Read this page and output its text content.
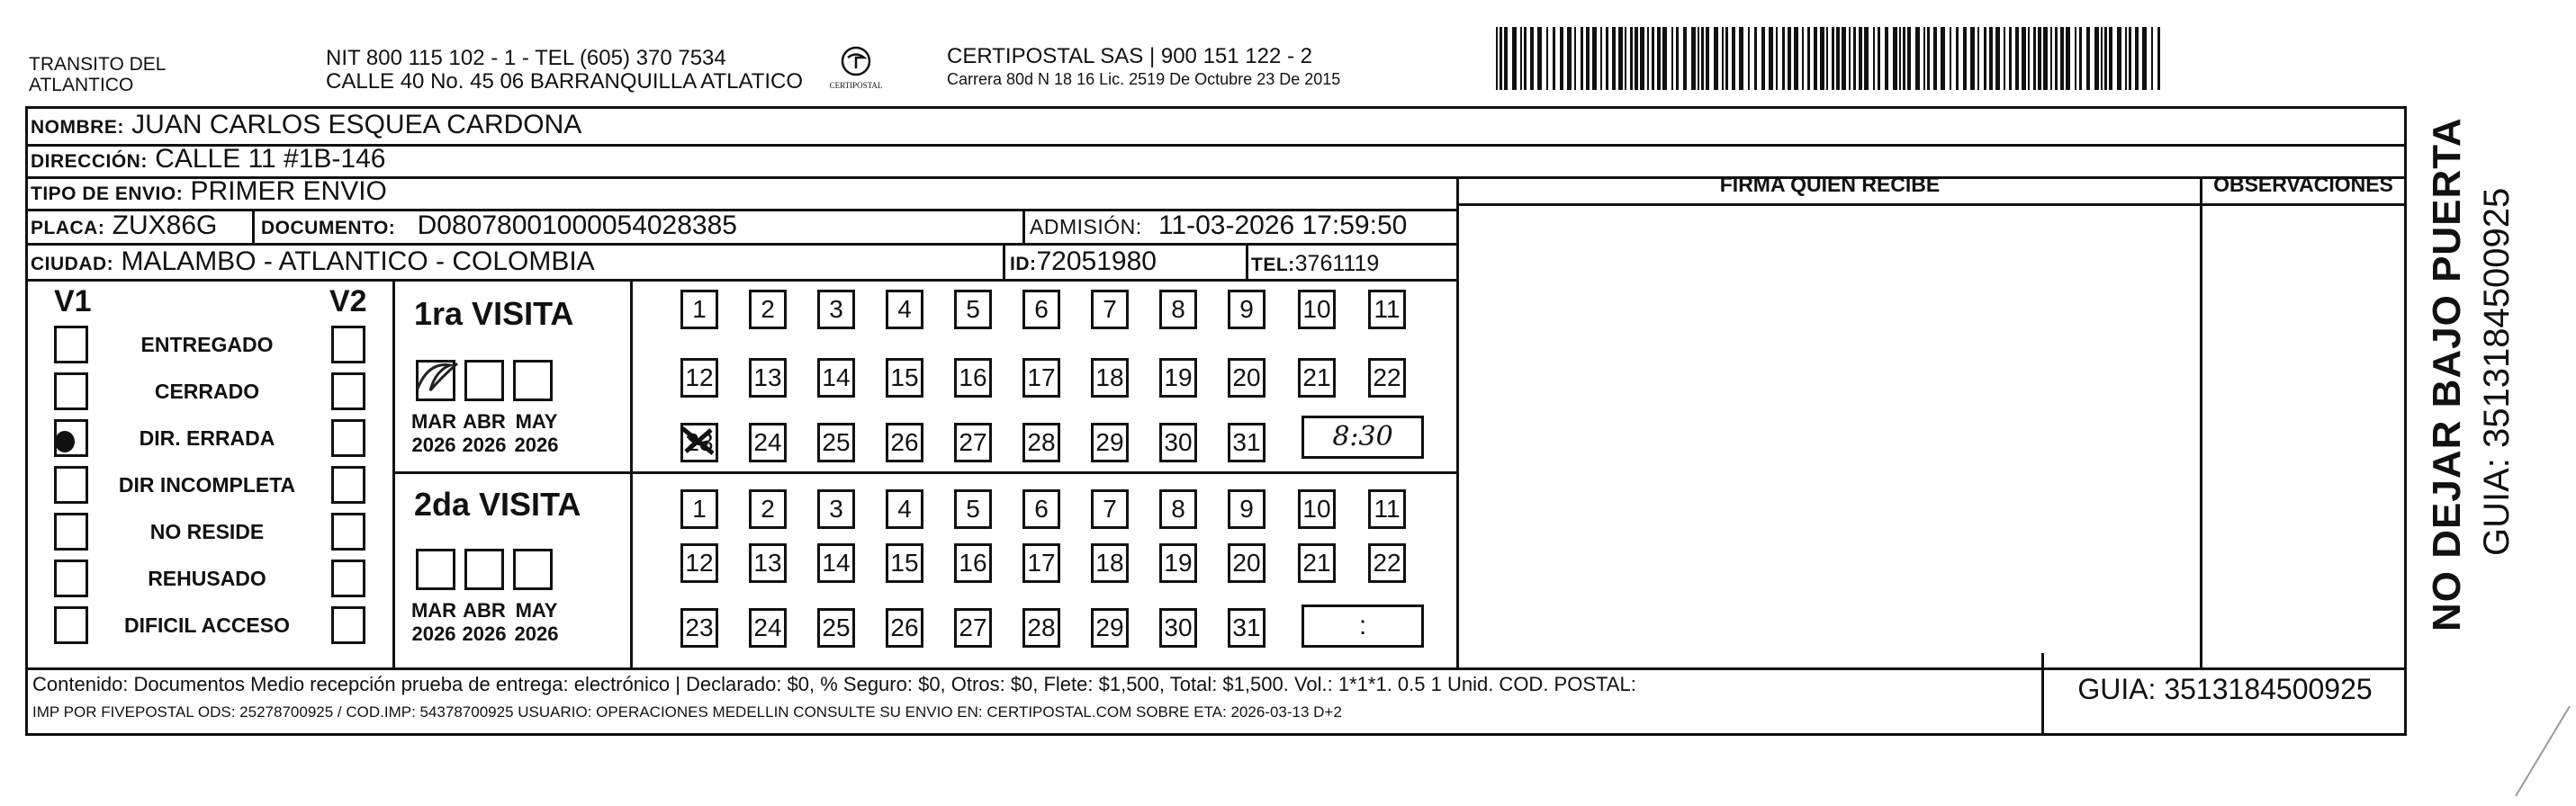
TRANSITO DEL
ATLANTICO
NIT 800 115 102 - 1 - TEL (605) 370 7534
CALLE 40 No. 45 06 BARRANQUILLA ATLATICO	CERTIPOSTAL
CERTIPOSTAL SAS | 900 151 122 - 2
Carrera 80d N 18 16 Lic. 2519 De Octubre 23 De 2015
NOMBRE: JUAN CARLOS ESQUEA CARDONA
DIRECCIÓN: CALLE 11 #1B-146
TIPO DE ENVIO: PRIMER ENVIO
PLACA: ZUX86G DOCUMENTO: D08078001000054028385	ADMISIÓN: 11-03-2026 17:59:50
CIUDAD: MALAMBO - ATLANTICO - COLOMBIA	ID:72051980	TEL:3761119
FIRMA QUIEN RECIBE	OBSERVACIONES
V1	V2
ENTREGADO
CERRADO
DIR. ERRADA
DIR INCOMPLETA
NO RESIDE
REHUSADO
DIFICIL ACCESO
1ra VISITA
2da VISITA
1	2	3	4	5	6	7	8	9	10 11
12 13 14 15 16 17 18 19 20 21 22
23 24 25 26 27 28 29 30 31	8:30
MAR
2026
ABR
2026
MAY
2026
1	2	3	4	5	6	7	8	9	10 11
12 13 14 15 16 17 18 19 20 21 22
23 24 25 26 27 28 29 30 31	:
MAR
2026
ABR
2026
MAY
2026
NO DEJAR BAJO PUERTA GUIA: 3513184500925
Contenido: Documentos Medio recepción prueba de entrega: electrónico | Declarado: $0, % Seguro: $0, Otros: $0, Flete: $1,500, Total: $1,500. Vol.: 1*1*1. 0.5 1 Unid. COD. POSTAL:
IMP POR FIVEPOSTAL ODS: 25278700925 / COD.IMP: 54378700925 USUARIO: OPERACIONES MEDELLIN CONSULTE SU ENVIO EN: CERTIPOSTAL.COM SOBRE ETA: 2026-03-13 D+2
GUIA: 3513184500925
